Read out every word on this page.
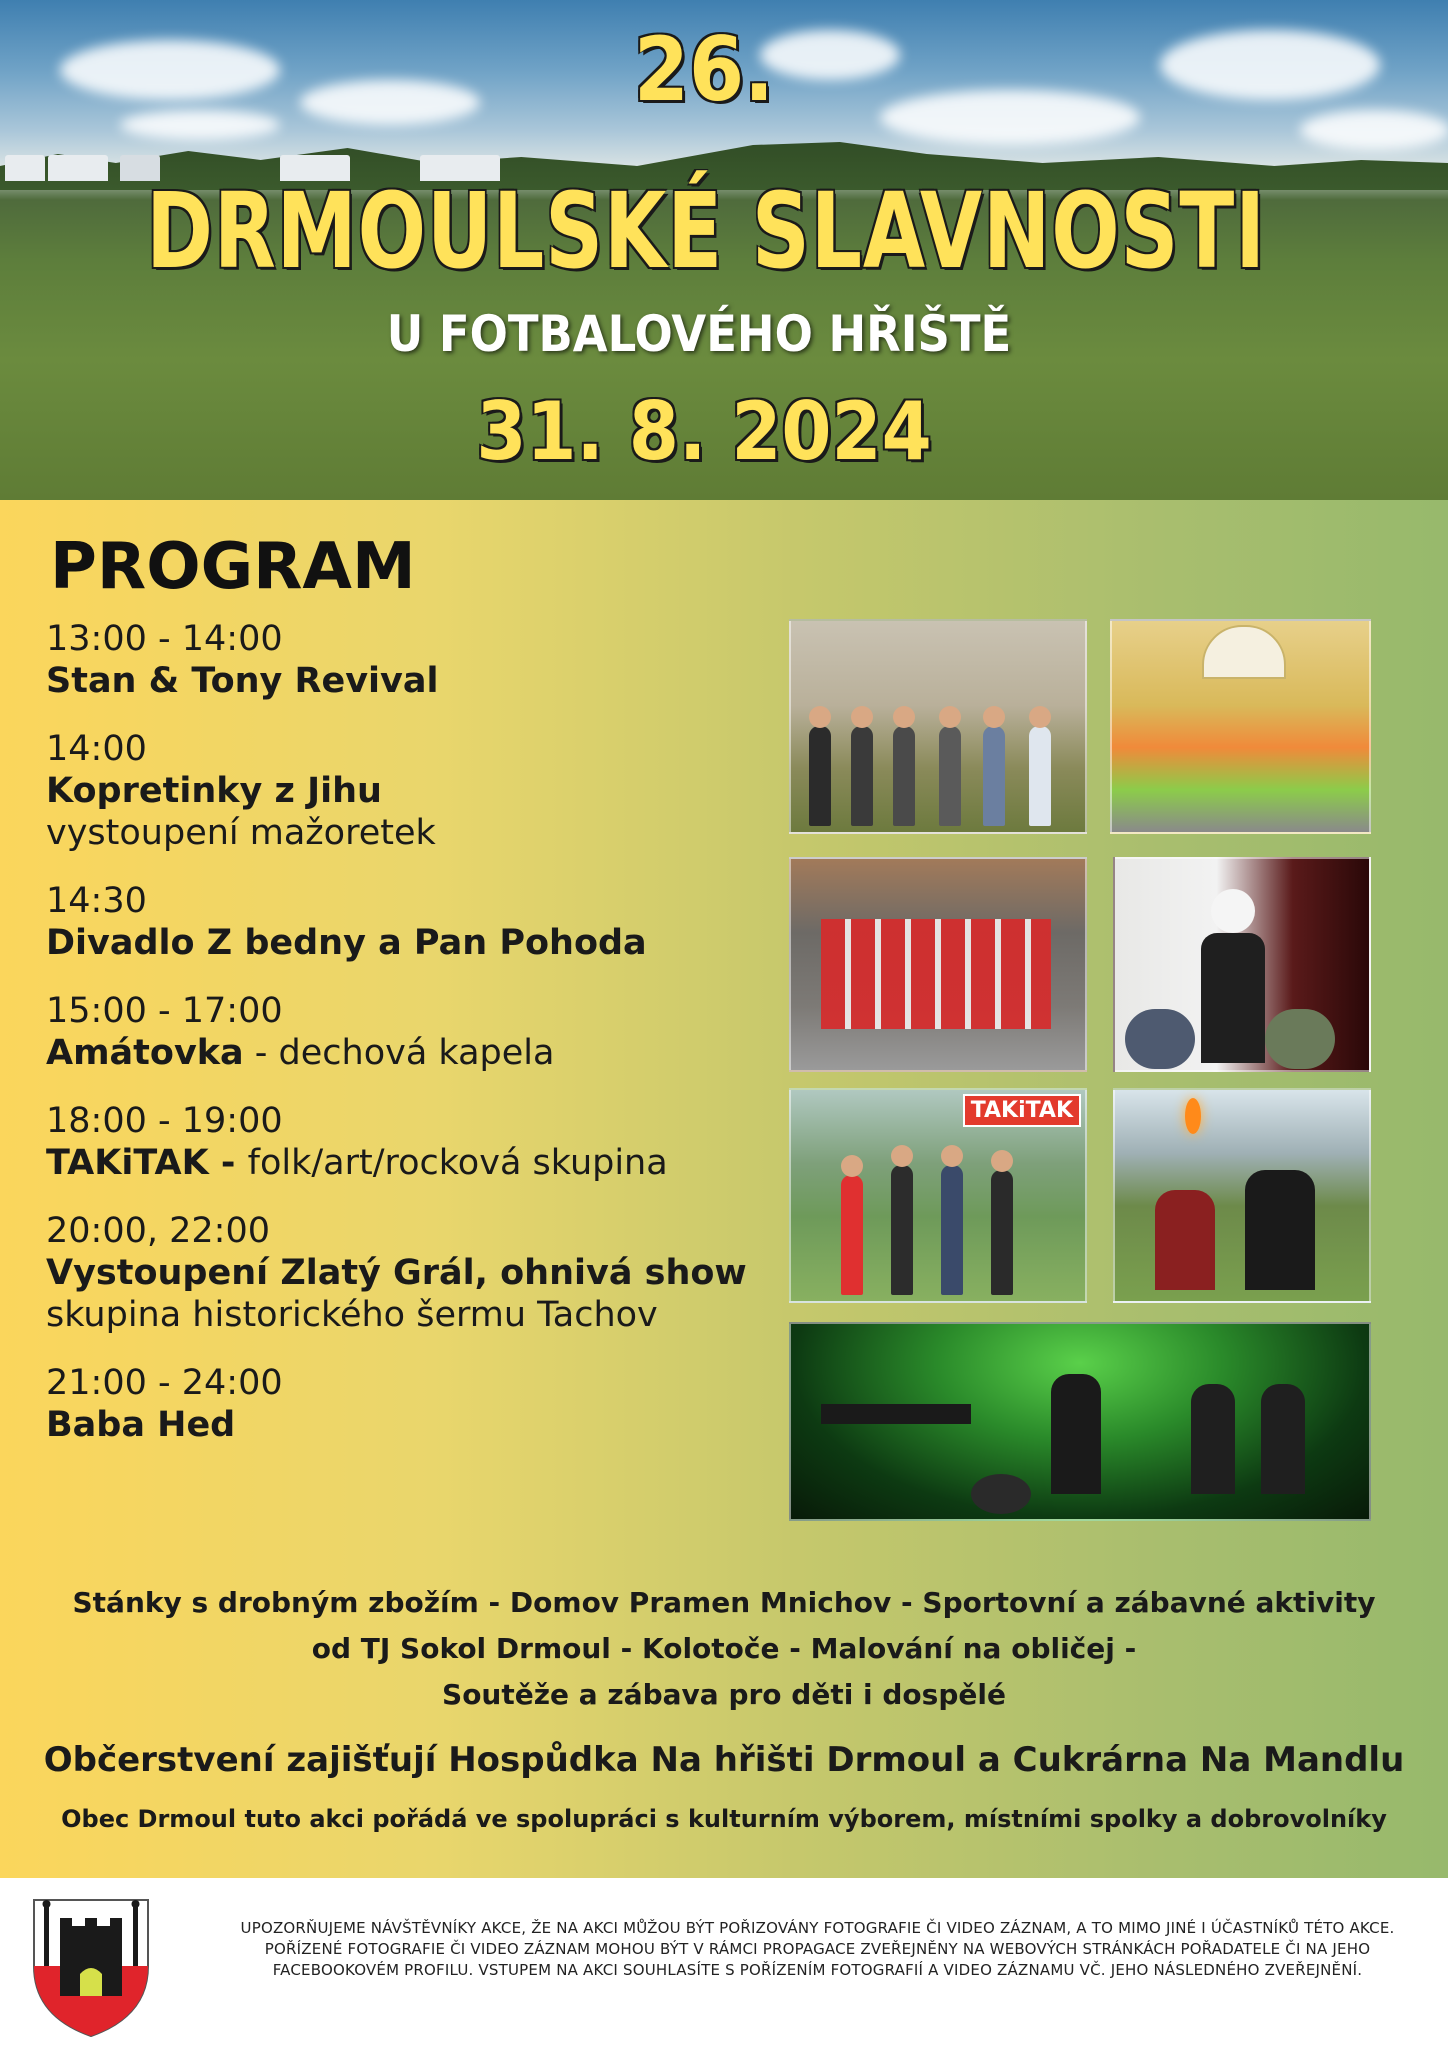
26.
DRMOULSKÉ SLAVNOSTI
U FOTBALOVÉHO HŘIŠTĚ
31. 8. 2024
PROGRAM
13:00 - 14:00
Stan & Tony Revival
14:00
Kopretinky z Jihu
vystoupení mažoretek
14:30
Divadlo Z bedny a Pan Pohoda
15:00 - 17:00
Amátovka - dechová kapela
18:00 - 19:00
TAKiTAK - folk/art/rocková skupina
20:00, 22:00
Vystoupení Zlatý Grál, ohnivá show
skupina historického šermu Tachov
21:00 - 24:00
Baba Hed
TAKiTAK
Stánky s drobným zbožím - Domov Pramen Mnichov - Sportovní a zábavné aktivity
od TJ Sokol Drmoul - Kolotoče - Malování na obličej -
Soutěže a zábava pro děti i dospělé
Občerstvení zajišťují Hospůdka Na hřišti Drmoul a Cukrárna Na Mandlu
Obec Drmoul tuto akci pořádá ve spolupráci s kulturním výborem, místními spolky a dobrovolníky
UPOZORŇUJEME NÁVŠTĚVNÍKY AKCE, ŽE NA AKCI MŮŽOU BÝT POŘIZOVÁNY FOTOGRAFIE ČI VIDEO ZÁZNAM, A TO MIMO JINÉ I ÚČASTNÍKŮ TÉTO AKCE. POŘÍZENÉ FOTOGRAFIE ČI VIDEO ZÁZNAM MOHOU BÝT V RÁMCI PROPAGACE ZVEŘEJNĚNY NA WEBOVÝCH STRÁNKÁCH POŘADATELE ČI NA JEHO FACEBOOKOVÉM PROFILU. VSTUPEM NA AKCI SOUHLASÍTE S POŘÍZENÍM FOTOGRAFIÍ A VIDEO ZÁZNAMU VČ. JEHO NÁSLEDNÉHO ZVEŘEJNĚNÍ.
